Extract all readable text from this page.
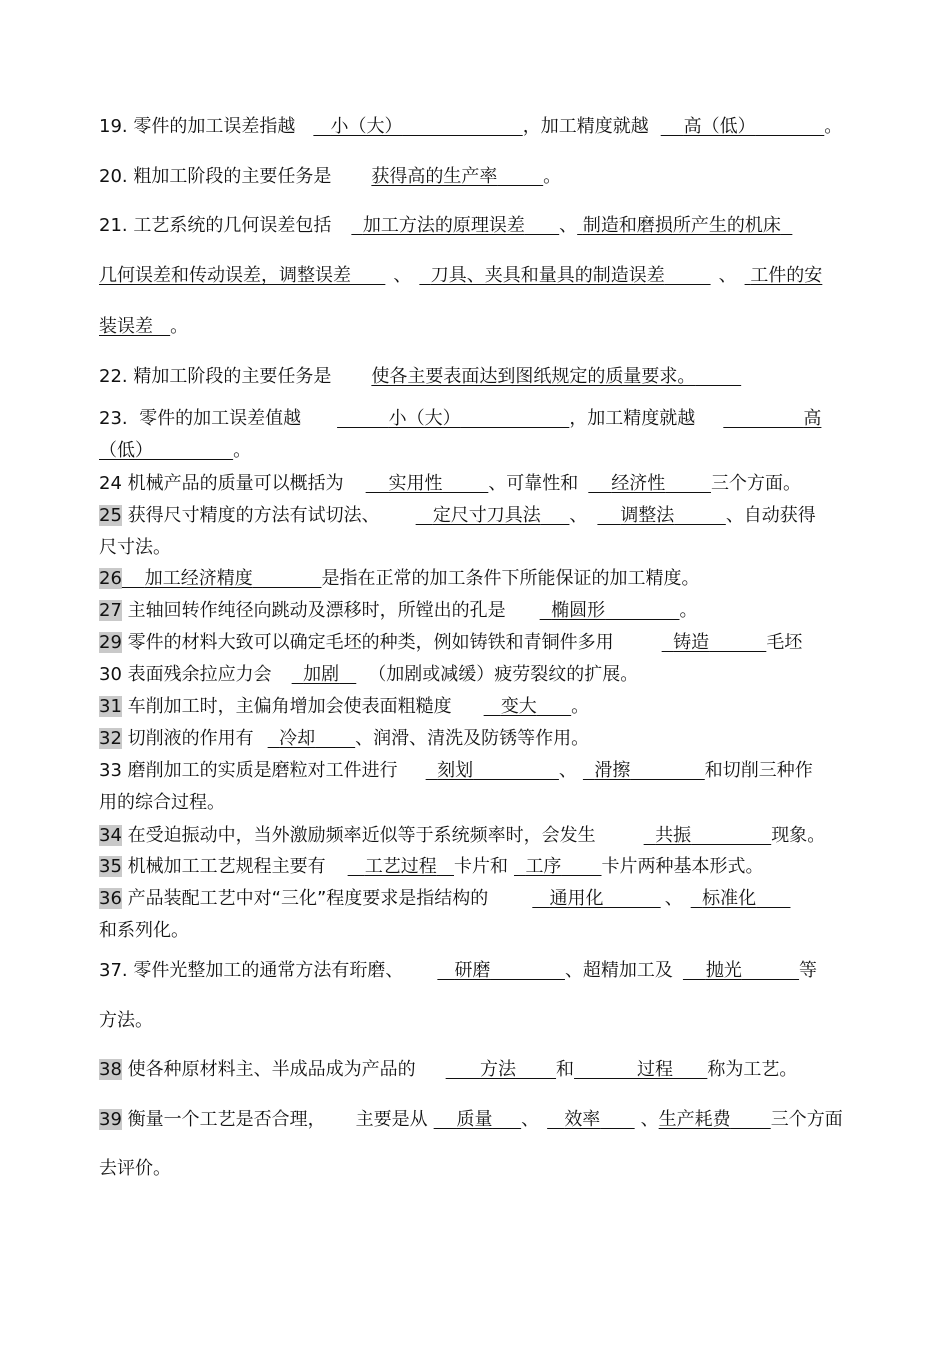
19. 零件的加工误差指越 小（大）	，加工精度就越 高（低）	。
20. 粗加工阶段的主要任务是 获得高的生产率	。
21. 工艺系统的几何误差包括 加工方法的原理误差 、 制造和磨损所产生的机床
几何误差和传动误差，调整误差 、 刀具、夹具和量具的制造误差	、 工件的安
装误差 。
22. 精加工阶段的主要任务是 使各主要表面达到图纸规定的质量要求。
23. 零件的加工误差值越	小（大）	，加工精度就越	高
（低）	。
24 机械产品的质量可以概括为 实用性	、可靠性和 经济性	三个方面。
25 获得尺寸精度的方法有试切法、	定尺寸刀具法 、 调整法	、自动获得
尺寸法。
26 加工经济精度	是指在正常的加工条件下所能保证的加工精度。
27 主轴回转作纯径向跳动及漂移时，所镗出的孔是	椭圆形	。
29 零件的材料大致可以确定毛坯的种类，例如铸铁和青铜件多用	铸造	毛坯
30 表面残余拉应力会 加剧 （加剧或减缓）疲劳裂纹的扩展。
31 车削加工时，主偏角增加会使表面粗糙度	变大 。
32 切削液的作用有 冷却 、润滑、清洗及防锈等作用。
33 磨削加工的实质是磨粒对工件进行 刻划	、 滑擦	和切削三种作
用的综合过程。
34 在受迫振动中，当外激励频率近似等于系统频率时，会发生	共振	现象。
35 机械加工工艺规程主要有 工艺过程 卡片和 工序 卡片两种基本形式。
36 产品装配工艺中对“三化”程度要求是指结构的	通用化	、 标准化
和系列化。
37. 零件光整加工的通常方法有珩磨、	研磨	、超精加工及 抛光	等
方法。
38 使各种原材料主、半成品成为产品的	方法 和	过程 称为工艺。
39 衡量一个工艺是否合理， 主要是从 质量 、 效率 、生产耗费 三个方面
去评价。
